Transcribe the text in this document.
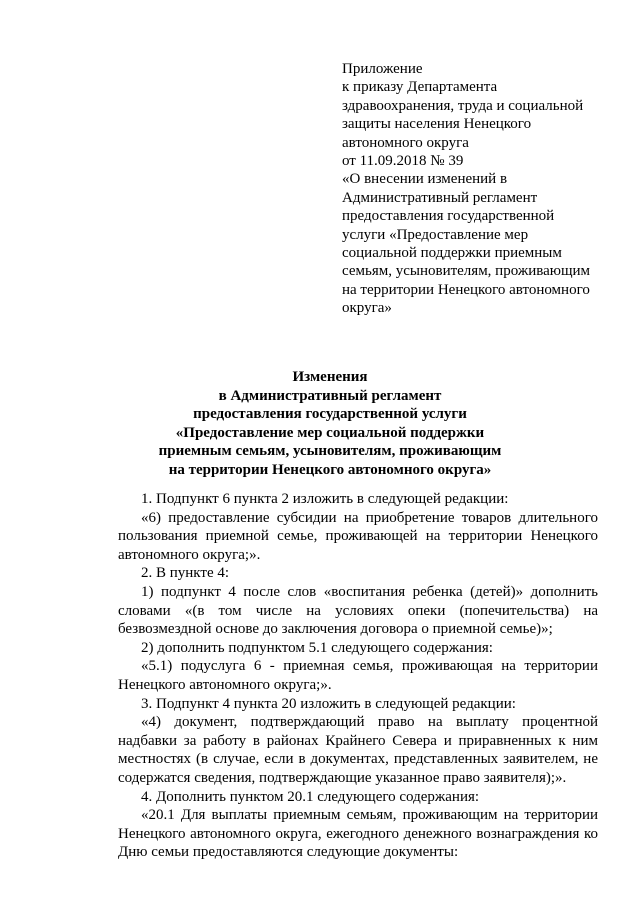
Приложение
к приказу Департамента
здравоохранения, труда и социальной
защиты населения Ненецкого
автономного округа
от 11.09.2018 № 39
«О внесении изменений в
Административный регламент
предоставления государственной
услуги «Предоставление мер
социальной поддержки приемным
семьям, усыновителям, проживающим
на территории Ненецкого автономного
округа»
Изменения
в Административный регламент
предоставления государственной услуги
«Предоставление мер социальной поддержки
приемным семьям, усыновителям, проживающим
на территории Ненецкого автономного округа»

1. Подпункт 6 пункта 2 изложить в следующей редакции:

«6) предоставление субсидии на приобретение товаров длительного пользования приемной семье, проживающей на территории Ненецкого автономного округа;».

2. В пункте 4:

1) подпункт 4 после слов «воспитания ребенка (детей)» дополнить словами «(в том числе на условиях опеки (попечительства) на безвозмездной основе до заключения договора о приемной семье)»;

2) дополнить подпунктом 5.1 следующего содержания:

«5.1) подуслуга 6 - приемная семья, проживающая на территории Ненецкого автономного округа;».

3. Подпункт 4 пункта 20 изложить в следующей редакции:

«4) документ, подтверждающий право на выплату процентной надбавки за работу в районах Крайнего Севера и приравненных к ним местностях (в случае, если в документах, представленных заявителем, не содержатся сведения, подтверждающие указанное право заявителя);».

4. Дополнить пунктом 20.1 следующего содержания:

«20.1 Для выплаты приемным семьям, проживающим на территории Ненецкого автономного округа, ежегодного денежного вознаграждения ко Дню семьи предоставляются следующие документы:
